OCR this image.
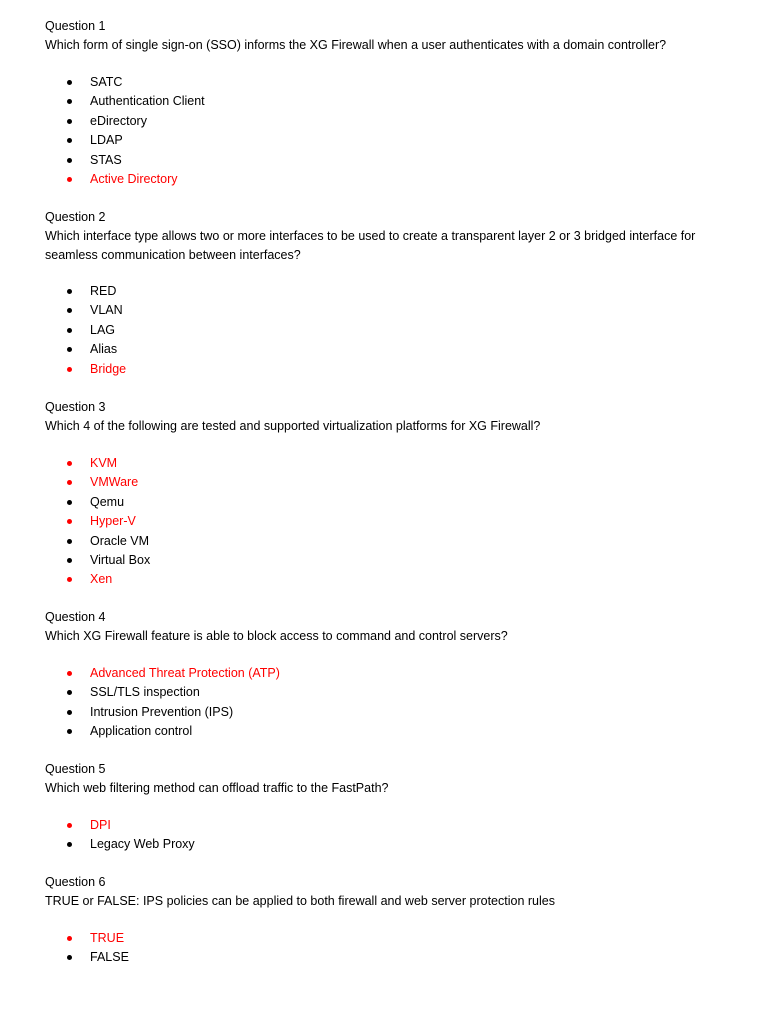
Question 1

Which form of single sign-on (SSO) informs the XG Firewall when a user authenticates with a domain controller?

SATC
Authentication Client
eDirectory
LDAP
STAS
Active Directory

Question 2

Which interface type allows two or more interfaces to be used to create a transparent layer 2 or 3 bridged interface for seamless communication between interfaces?

RED
VLAN
LAG
Alias
Bridge

Question 3

Which 4 of the following are tested and supported virtualization platforms for XG Firewall?

KVM
VMWare
Qemu
Hyper-V
Oracle VM
Virtual Box
Xen

Question 4

Which XG Firewall feature is able to block access to command and control servers?

Advanced Threat Protection (ATP)
SSL/TLS inspection
Intrusion Prevention (IPS)
Application control

Question 5

Which web filtering method can offload traffic to the FastPath?

DPI
Legacy Web Proxy

Question 6

TRUE or FALSE: IPS policies can be applied to both firewall and web server protection rules

TRUE
FALSE
